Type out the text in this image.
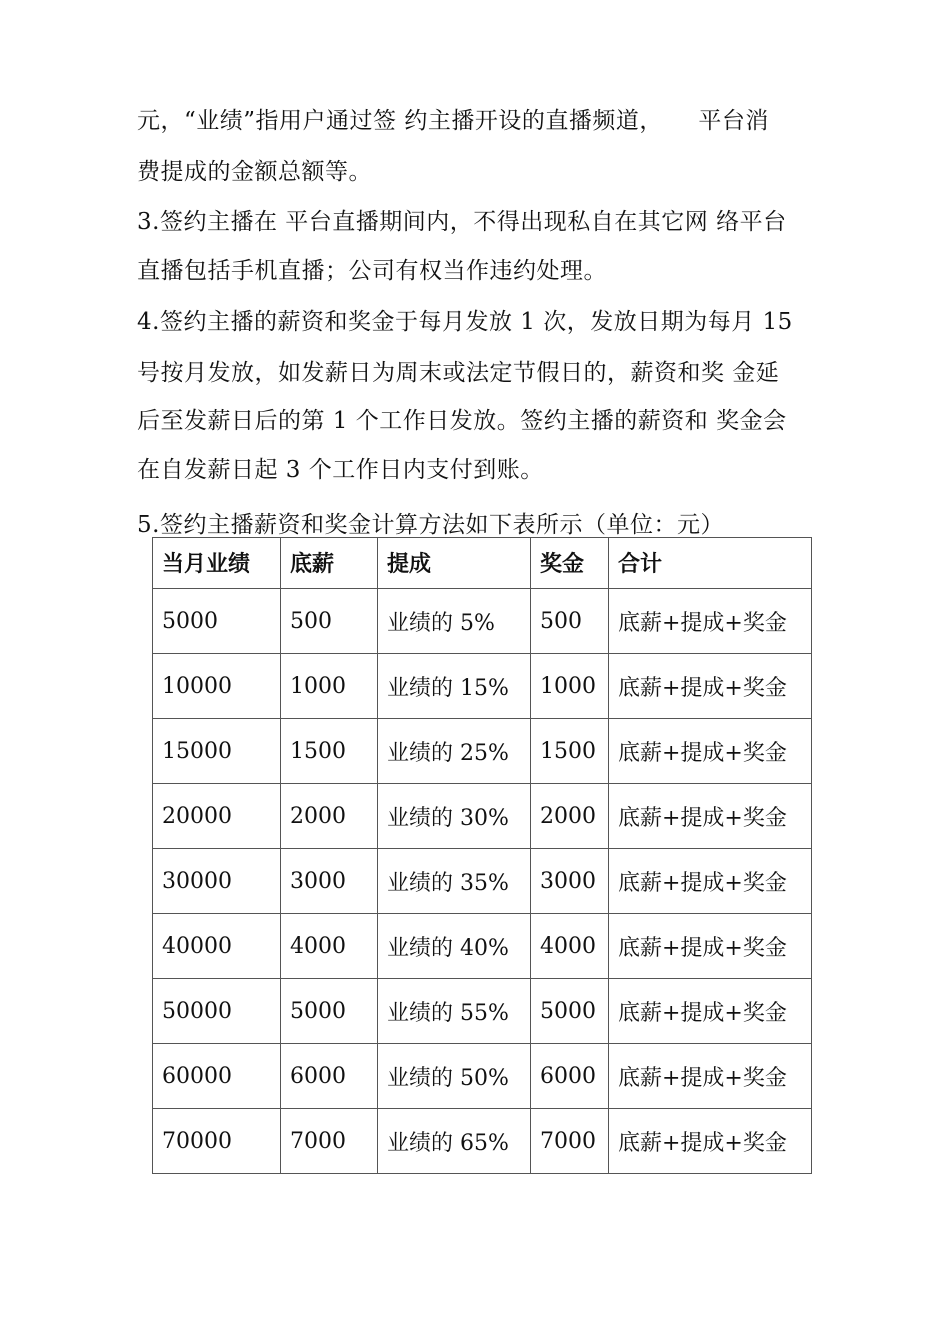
元，“业绩”指用户通过签 约主播开设的直播频道，　　平台消
费提成的金额总额等。
3.签约主播在 平台直播期间内，不得出现私自在其它网 络平台
直播包括手机直播；公司有权当作违约处理。
4.签约主播的薪资和奖金于每月发放 1 次，发放日期为每月 15
号按月发放，如发薪日为周末或法定节假日的，薪资和奖 金延
后至发薪日后的第 1 个工作日发放。签约主播的薪资和 奖金会
在自发薪日起 3 个工作日内支付到账。
5.签约主播薪资和奖金计算方法如下表所示（单位：元）
当月业绩	底薪	提成	奖金	合计
5000	500	业绩的 5%	500	底薪+提成+奖金
10000	1000	业绩的 15%	1000	底薪+提成+奖金
15000	1500	业绩的 25%	1500	底薪+提成+奖金
20000	2000	业绩的 30%	2000	底薪+提成+奖金
30000	3000	业绩的 35%	3000	底薪+提成+奖金
40000	4000	业绩的 40%	4000	底薪+提成+奖金
50000	5000	业绩的 55%	5000	底薪+提成+奖金
60000	6000	业绩的 50%	6000	底薪+提成+奖金
70000	7000	业绩的 65%	7000	底薪+提成+奖金
